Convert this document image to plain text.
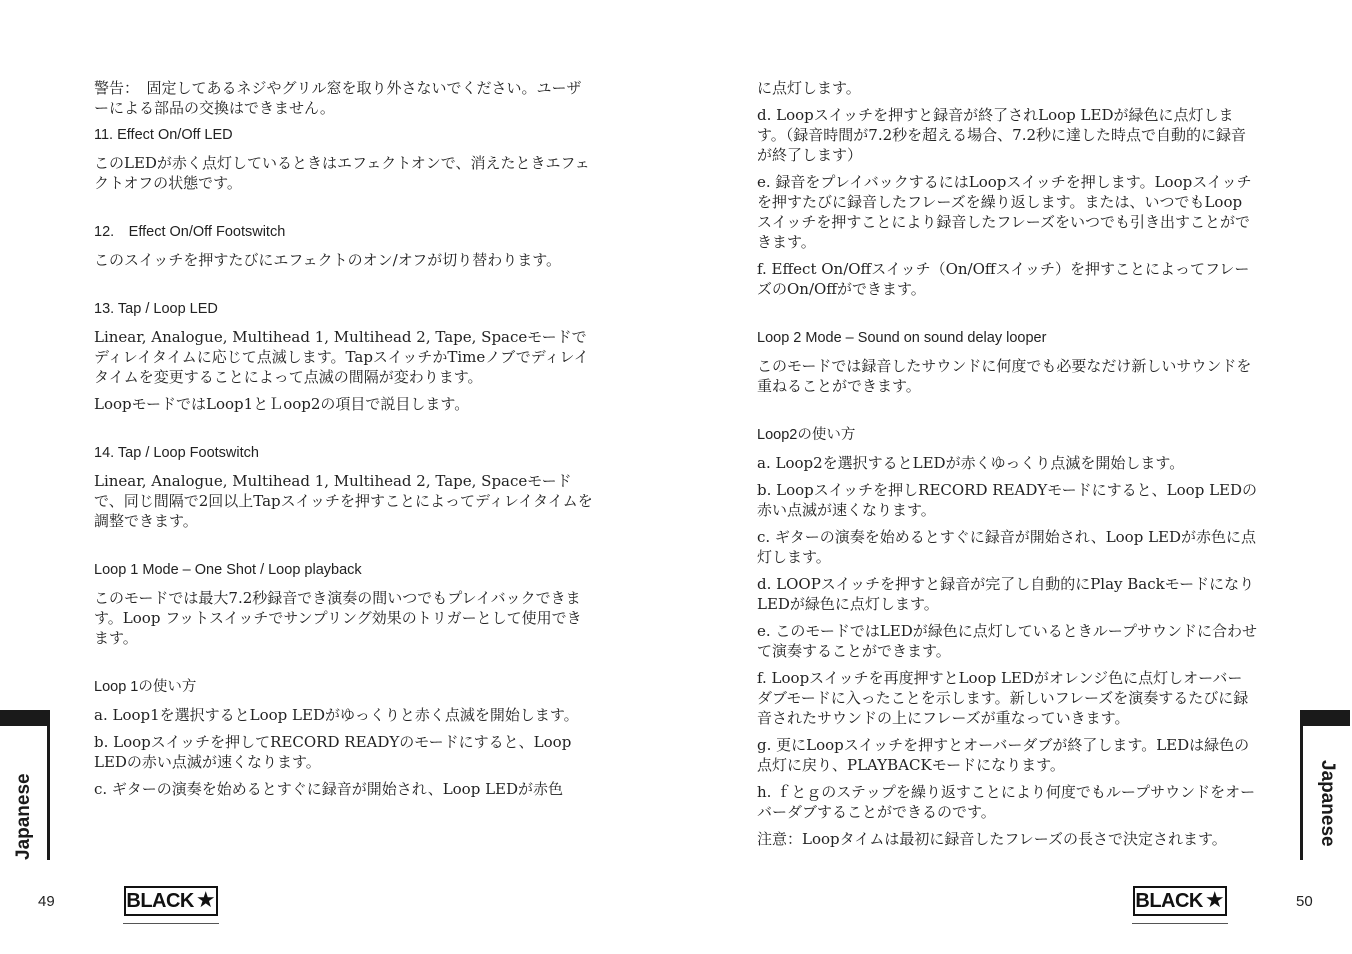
警告：　固定してあるネジやグリル窓を取り外さないでください。ユーザーによる部品の交換はできません。
11. Effect On/Off LED
このLEDが赤く点灯しているときはエフェクトオンで、消えたときエフェクトオフの状態です。
12.　Effect On/Off Footswitch
このスイッチを押すたびにエフェクトのオン/オフが切り替わります。
13. Tap / Loop LED
Linear, Analogue, Multihead 1, Multihead 2, Tape, Spaceモードでディレイタイムに応じて点滅します。TapスイッチかTimeノブでディレイタイムを変更することによって点滅の間隔が変わります。
LoopモードではLoop1とＬoop2の項目で説目します。
14. Tap / Loop Footswitch
Linear, Analogue, Multihead 1, Multihead 2, Tape, Spaceモードで、同じ間隔で2回以上Tapスイッチを押すことによってディレイタイムを調整できます。
Loop 1 Mode – One Shot / Loop playback
このモードでは最大7.2秒録音でき演奏の間いつでもプレイバックできます。Loop フットスイッチでサンプリング効果のトリガーとして使用できます。
Loop 1の使い方
a. Loop1を選択するとLoop LEDがゆっくりと赤く点滅を開始します。
b. Loopスイッチを押してRECORD READYのモードにすると、Loop LEDの赤い点滅が速くなります。
c. ギターの演奏を始めるとすぐに録音が開始され、Loop LEDが赤色
に点灯します。
d. Loopスイッチを押すと録音が終了されLoop LEDが緑色に点灯します。（録音時間が7.2秒を超える場合、7.2秒に達した時点で自動的に録音が終了します）
e. 録音をプレイバックするにはLoopスイッチを押します。Loopスイッチを押すたびに録音したフレーズを繰り返します。または、いつでもLoopスイッチを押すことにより録音したフレーズをいつでも引き出すことができます。
f. Effect On/Offスイッチ（On/Offスイッチ）を押すことによってフレーズのOn/Offができます。
Loop 2 Mode – Sound on sound delay looper
このモードでは録音したサウンドに何度でも必要なだけ新しいサウンドを重ねることができます。
Loop2の使い方
a. Loop2を選択するとLEDが赤くゆっくり点滅を開始します。
b. Loopスイッチを押しRECORD READYモードにすると、Loop LEDの赤い点滅が速くなります。
c. ギターの演奏を始めるとすぐに録音が開始され、Loop LEDが赤色に点灯します。
d. LOOPスイッチを押すと録音が完了し自動的にPlay Backモードになり LEDが緑色に点灯します。
e. このモードではLEDが緑色に点灯しているときループサウンドに合わせて演奏することができます。
f. Loopスイッチを再度押すとLoop LEDがオレンジ色に点灯しオーバーダブモードに入ったことを示します。新しいフレーズを演奏するたびに録音されたサウンドの上にフレーズが重なっていきます。
g. 更にLoopスイッチを押すとオーバーダブが終了します。LEDは緑色の点灯に戻り、PLAYBACKモードになります。
h. ｆとｇのステップを繰り返すことにより何度でもループサウンドをオーバーダブすることができるのです。
注意：Loopタイムは最初に録音したフレーズの長さで決定されます。
Japanese	Japanese
49	50
BLACK ★	BLACK ★
